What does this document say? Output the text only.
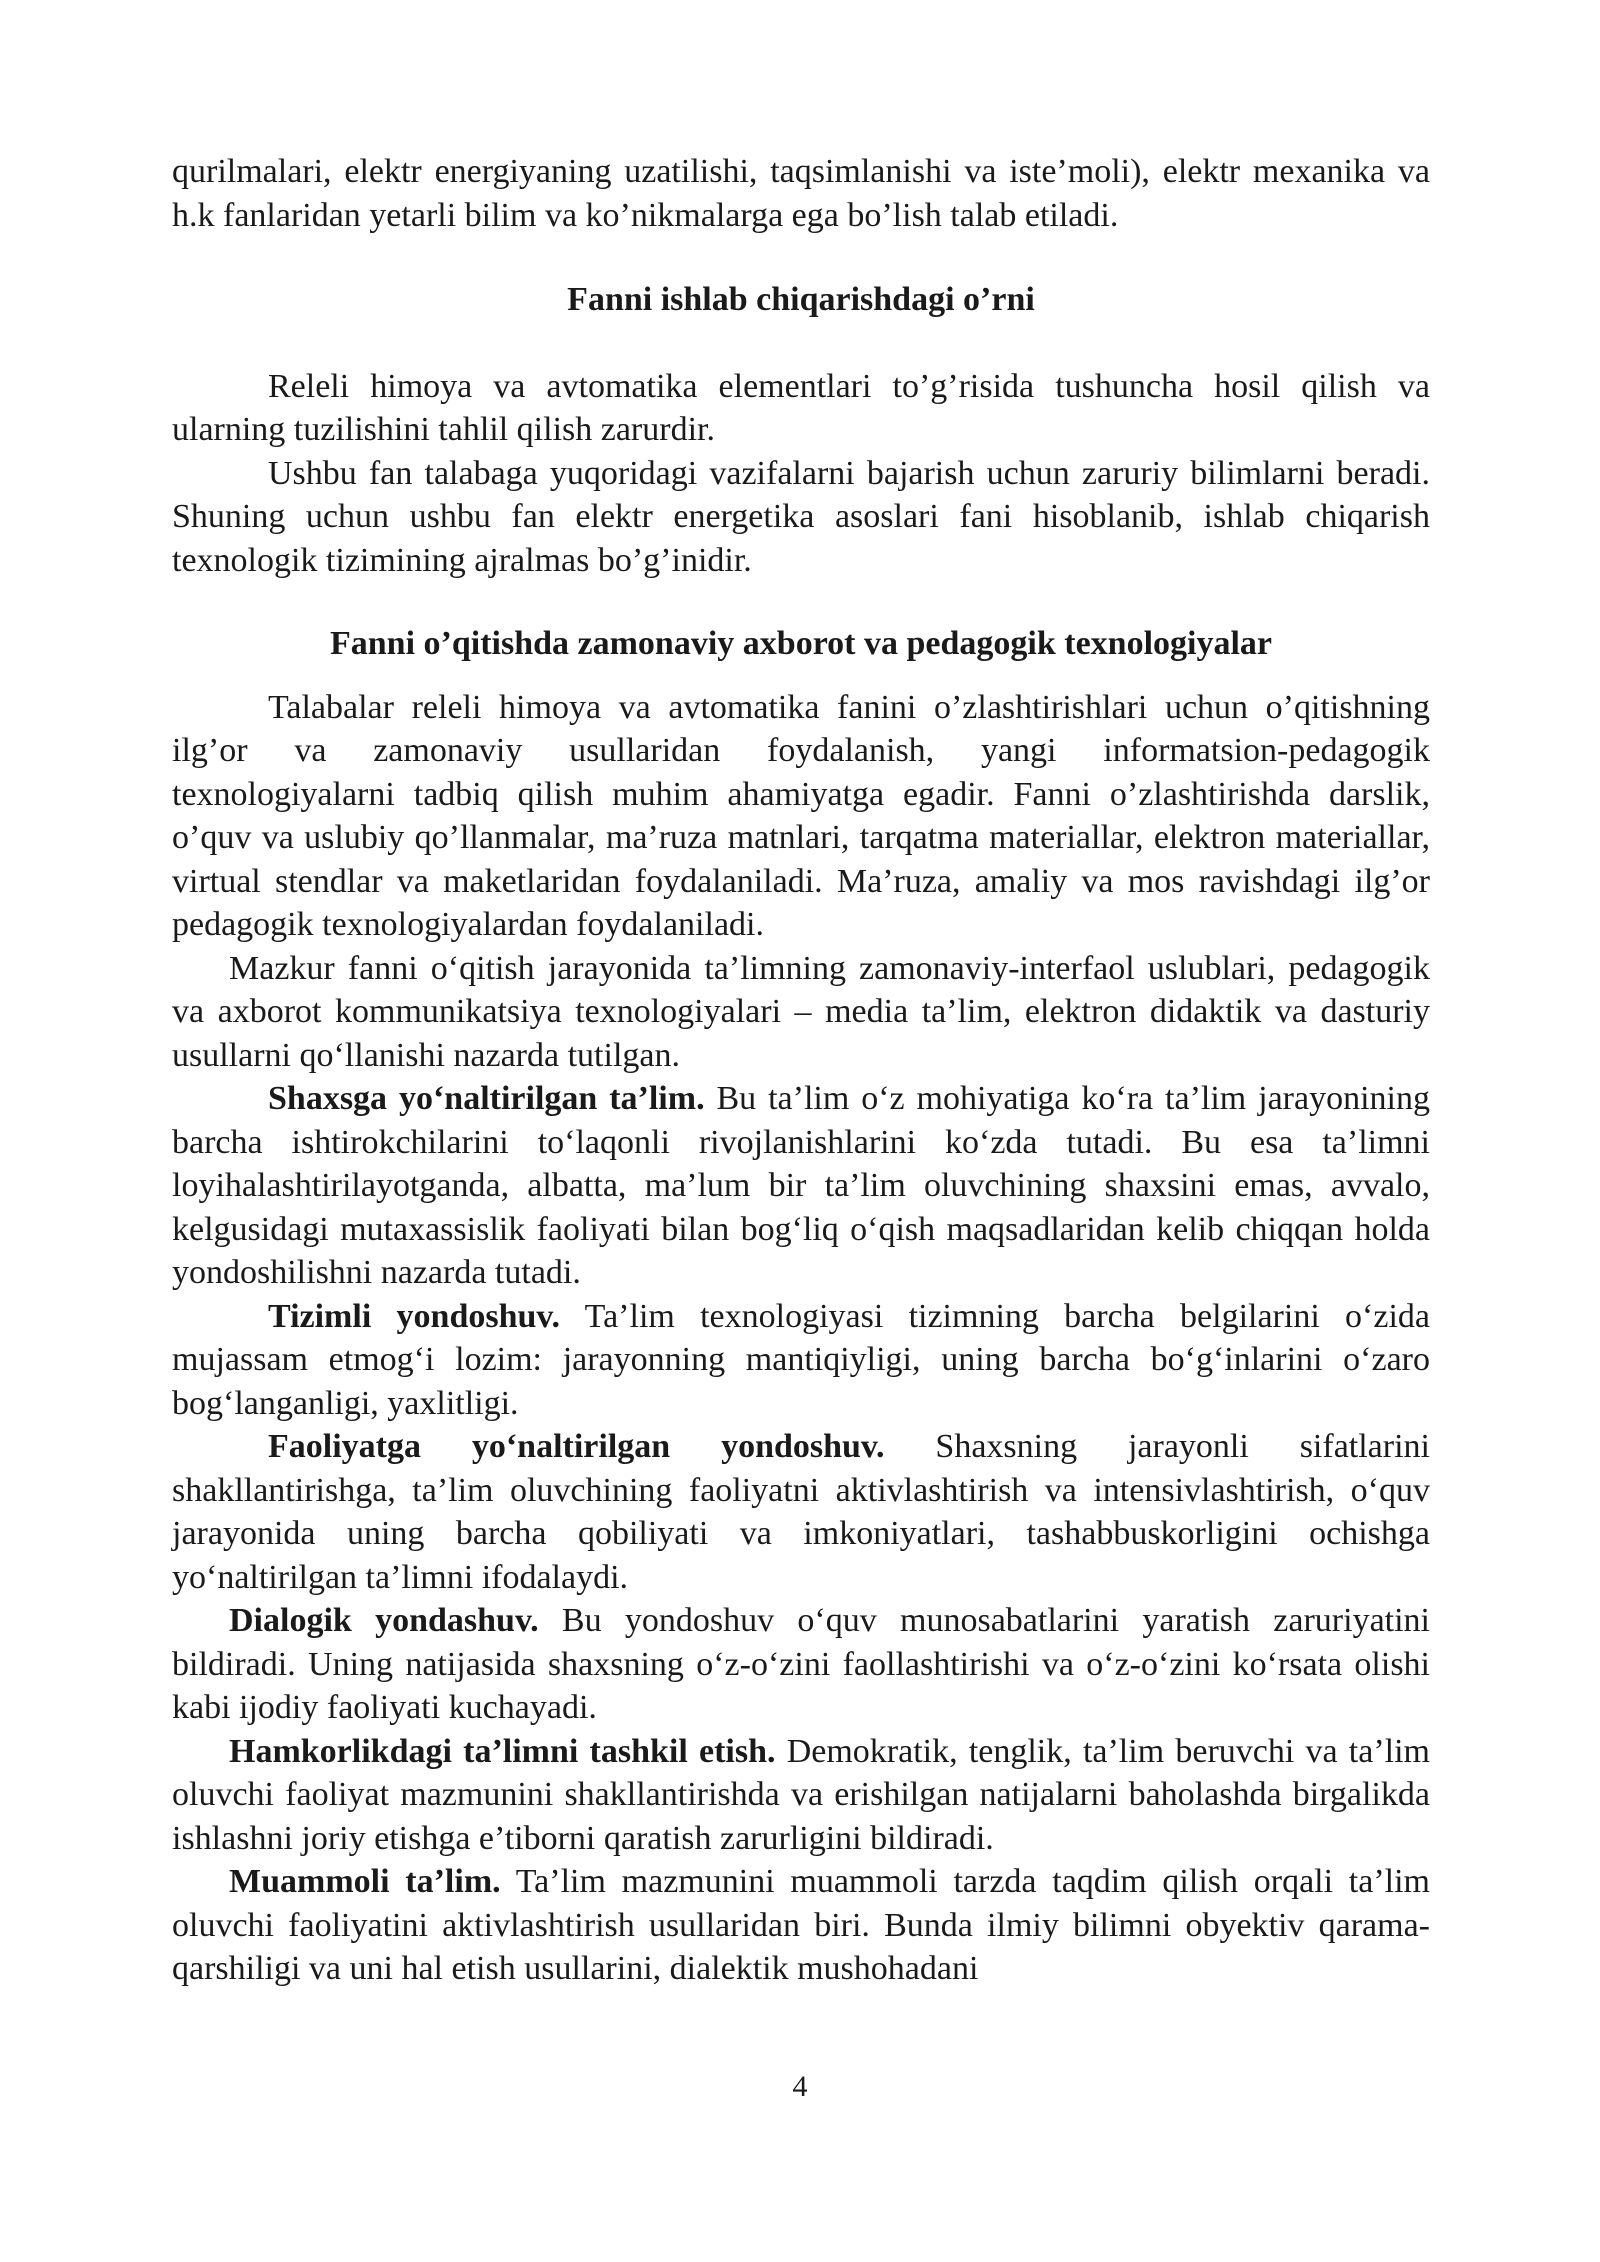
qurilmalari, elektr energiyaning uzatilishi, taqsimlanishi va iste’moli), elektr mexanika va h.k fanlaridan yetarli bilim va ko’nikmalarga ega bo’lish talab etiladi.

Fanni ishlab chiqarishdagi o’rni

Releli himoya va avtomatika elementlari to’g’risida tushuncha hosil qilish va ularning tuzilishini tahlil qilish zarurdir.

Ushbu fan talabaga yuqoridagi vazifalarni bajarish uchun zaruriy bilimlarni beradi. Shuning uchun ushbu fan elektr energetika asoslari fani hisoblanib, ishlab chiqarish texnologik tizimining ajralmas bo’g’inidir.

Fanni o’qitishda zamonaviy axborot va pedagogik texnologiyalar

Talabalar releli himoya va avtomatika fanini o’zlashtirishlari uchun o’qitishning ilg’or va zamonaviy usullaridan foydalanish, yangi informatsion-pedagogik texnologiyalarni tadbiq qilish muhim ahamiyatga egadir. Fanni o’zlashtirishda darslik, o’quv va uslubiy qo’llanmalar, ma’ruza matnlari, tarqatma materiallar, elektron materiallar, virtual stendlar va maketlaridan foydalaniladi. Ma’ruza, amaliy va mos ravishdagi ilg’or pedagogik texnologiyalardan foydalaniladi.

Mazkur fanni o‘qitish jarayonida ta’limning zamonaviy-interfaol uslublari, pedagogik va axborot kommunikatsiya texnologiyalari – media ta’lim, elektron didaktik va dasturiy usullarni qo‘llanishi nazarda tutilgan.

Shaxsga yo‘naltirilgan ta’lim. Bu ta’lim o‘z mohiyatiga ko‘ra ta’lim jarayonining barcha ishtirokchilarini to‘laqonli rivojlanishlarini ko‘zda tutadi. Bu esa ta’limni loyihalashtirilayotganda, albatta, ma’lum bir ta’lim oluvchining shaxsini emas, avvalo, kelgusidagi mutaxassislik faoliyati bilan bog‘liq o‘qish maqsadlaridan kelib chiqqan holda yondoshilishni nazarda tutadi.

Tizimli yondoshuv. Ta’lim texnologiyasi tizimning barcha belgilarini o‘zida mujassam etmog‘i lozim: jarayonning mantiqiyligi, uning barcha bo‘g‘inlarini o‘zaro bog‘langanligi, yaxlitligi.

Faoliyatga yo‘naltirilgan yondoshuv. Shaxsning jarayonli sifatlarini shakllantirishga, ta’lim oluvchining faoliyatni aktivlashtirish va intensivlashtirish, o‘quv jarayonida uning barcha qobiliyati va imkoniyatlari, tashabbuskorligini ochishga yo‘naltirilgan ta’limni ifodalaydi.

Dialogik yondashuv. Bu yondoshuv o‘quv munosabatlarini yaratish zaruriyatini bildiradi. Uning natijasida shaxsning o‘z-o‘zini faollashtirishi va o‘z-o‘zini ko‘rsata olishi kabi ijodiy faoliyati kuchayadi.

Hamkorlikdagi ta’limni tashkil etish. Demokratik, tenglik, ta’lim beruvchi va ta’lim oluvchi faoliyat mazmunini shakllantirishda va erishilgan natijalarni baholashda birgalikda ishlashni joriy etishga e’tiborni qaratish zarurligini bildiradi.

Muammoli ta’lim. Ta’lim mazmunini muammoli tarzda taqdim qilish orqali ta’lim oluvchi faoliyatini aktivlashtirish usullaridan biri. Bunda ilmiy bilimni obyektiv qarama-qarshiligi va uni hal etish usullarini, dialektik mushohadani

4
